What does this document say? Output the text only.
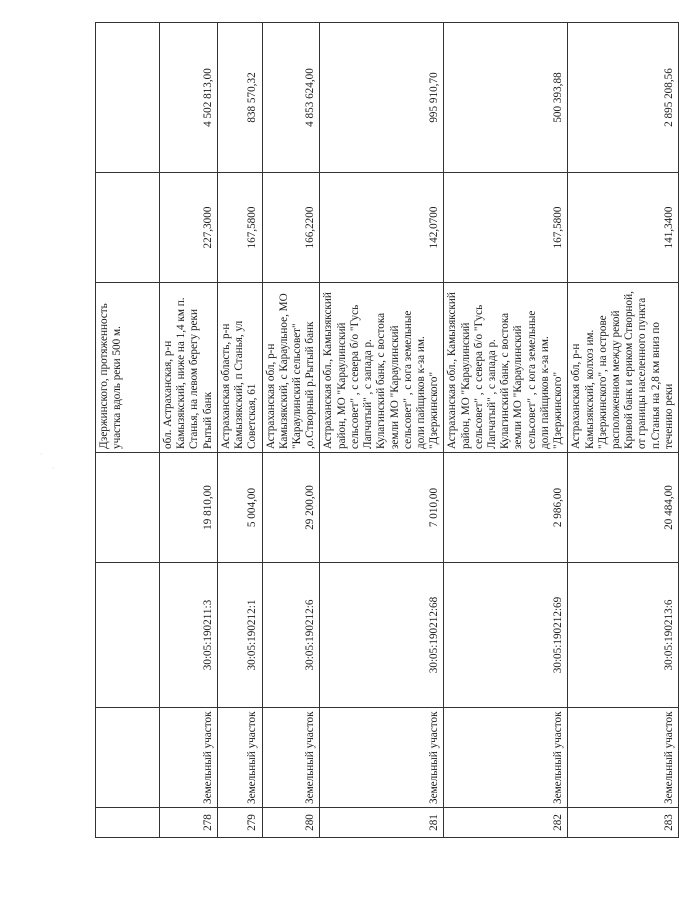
·
·
				Дзержинского, протяженность участка вдоль реки 500 м.		
278	Земельный участок	30:05:190211:3	19 810,00	обл. Астраханская, р-н Камызякский, ниже на 1,4 км п. Станья, на левом берегу реки Рытый банк	227,3000	4 502 813,00
279	Земельный участок	30:05:190212:1	5 004,00	Астраханская область, р-н Камызякский, п Станья, ул Советская, 61	167,5800	838 570,32
280	Земельный участок	30:05:190212:6	29 200,00	Астраханская обл, р-н Камызякский, с Караульное, МО "Караулинский сельсовет" ,о.Створный р.Рытый банк	166,2200	4 853 624,00
281	Земельный участок	30:05:190212:68	7 010,00	Астраханская обл., Камызякский район, МО "Караулинский сельсовет" , с севера б/о "Гусь Лапчатый" , с запада р. Кулагинский банк, с востока земли МО "Караулинский сельсовет" , с юга земельные доли пайщиков к-за им. "Дзержинского"	142,0700	995 910,70
282	Земельный участок	30:05:190212:69	2 986,00	Астраханская обл., Камызякский район, МО "Караулинский сельсовет" , с севера б/о "Гусь Лапчатый" , с запада р. Кулагинский банк, с востока земли МО "Караулинский сельсовет" , с юга земельные доли пайщиков к-за им. "Дзержинского"	167,5800	500 393,88
283	Земельный участок	30:05:190213:6	20 484,00	Астраханская обл, р-н Камызякский, колхоз им. "Дзержинского", на острове расположенном между рекой Кривой банк и ериком Створной, от границы населенного пункта п.Станья на 2,8 км вниз по течению реки	141,3400	2 895 208,56
